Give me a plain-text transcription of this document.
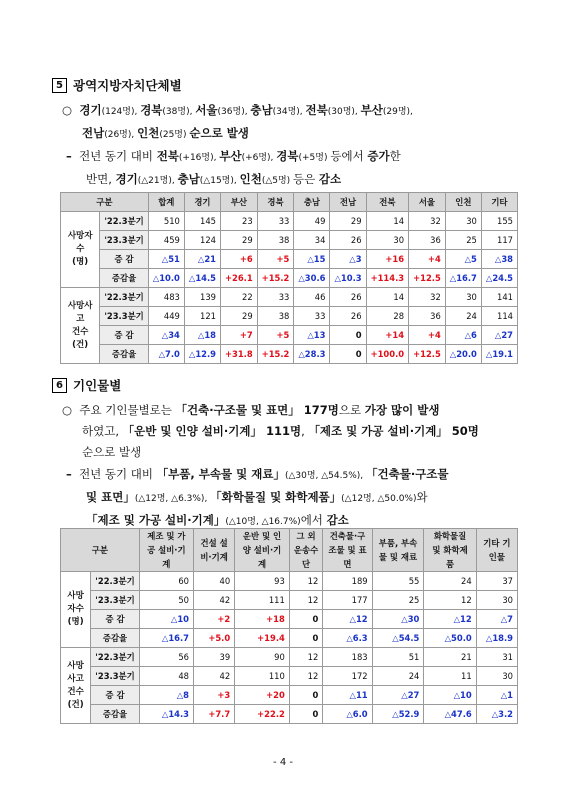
5 광역지방자치단체별
○ 경기(124명), 경북(38명), 서울(36명), 충남(34명), 전북(30명), 부산(29명),
전남(26명), 인천(25명) 순으로 발생
– 전년 동기 대비 전북(+16명), 부산(+6명), 경북(+5명) 등에서 증가한
반면, 경기(△21명), 충남(△15명), 인천(△5명) 등은 감소
구분		합계	경기	부산	경북	충남	전남	전북	서울	인천	기타
사망자수
(명)	'22.3분기	510	145	23	33	49	29	14	32	30	155
	'23.3분기	459	124	29	38	34	26	30	36	25	117
	증 감	△51	△21	+6	+5	△15	△3	+16	+4	△5	△38
	증감율	△10.0	△14.5	+26.1	+15.2	△30.6	△10.3	+114.3	+12.5	△16.7	△24.5
사망사고
건수
(건)	'22.3분기	483	139	22	33	46	26	14	32	30	141
	'23.3분기	449	121	29	38	33	26	28	36	24	114
	증 감	△34	△18	+7	+5	△13	0	+14	+4	△6	△27
	증감율	△7.0	△12.9	+31.8	+15.2	△28.3	0	+100.0	+12.5	△20.0	△19.1
6 기인물별
○ 주요 기인물별로는 「건축·구조물 및 표면」 177명으로 가장 많이 발생
하였고, 「운반 및 인양 설비·기계」 111명, 「제조 및 가공 설비·기계」 50명
순으로 발생
– 전년 동기 대비 「부품, 부속물 및 재료」(△30명, △54.5%), 「건축물·구조물
및 표면」(△12명, △6.3%), 「화학물질 및 화학제품」(△12명, △50.0%)와
「제조 및 가공 설비·기계」(△10명, △16.7%)에서 감소
구분		제조 및 가공 설비·기계	건설 설비·기계	운반 및 인양 설비·기계	그 외 운송수단	건축물·구조물 및 표면	부품, 부속물 및 재료	화학물질 및 화학제품	기타 기인물
사망자수
(명)	'22.3분기	60	40	93	12	189	55	24	37
	'23.3분기	50	42	111	12	177	25	12	30
	증 감	△10	+2	+18	0	△12	△30	△12	△7
	증감율	△16.7	+5.0	+19.4	0	△6.3	△54.5	△50.0	△18.9
사망
사고
건수
(건)	'22.3분기	56	39	90	12	183	51	21	31
	'23.3분기	48	42	110	12	172	24	11	30
	증 감	△8	+3	+20	0	△11	△27	△10	△1
	증감율	△14.3	+7.7	+22.2	0	△6.0	△52.9	△47.6	△3.2
- 4 -
